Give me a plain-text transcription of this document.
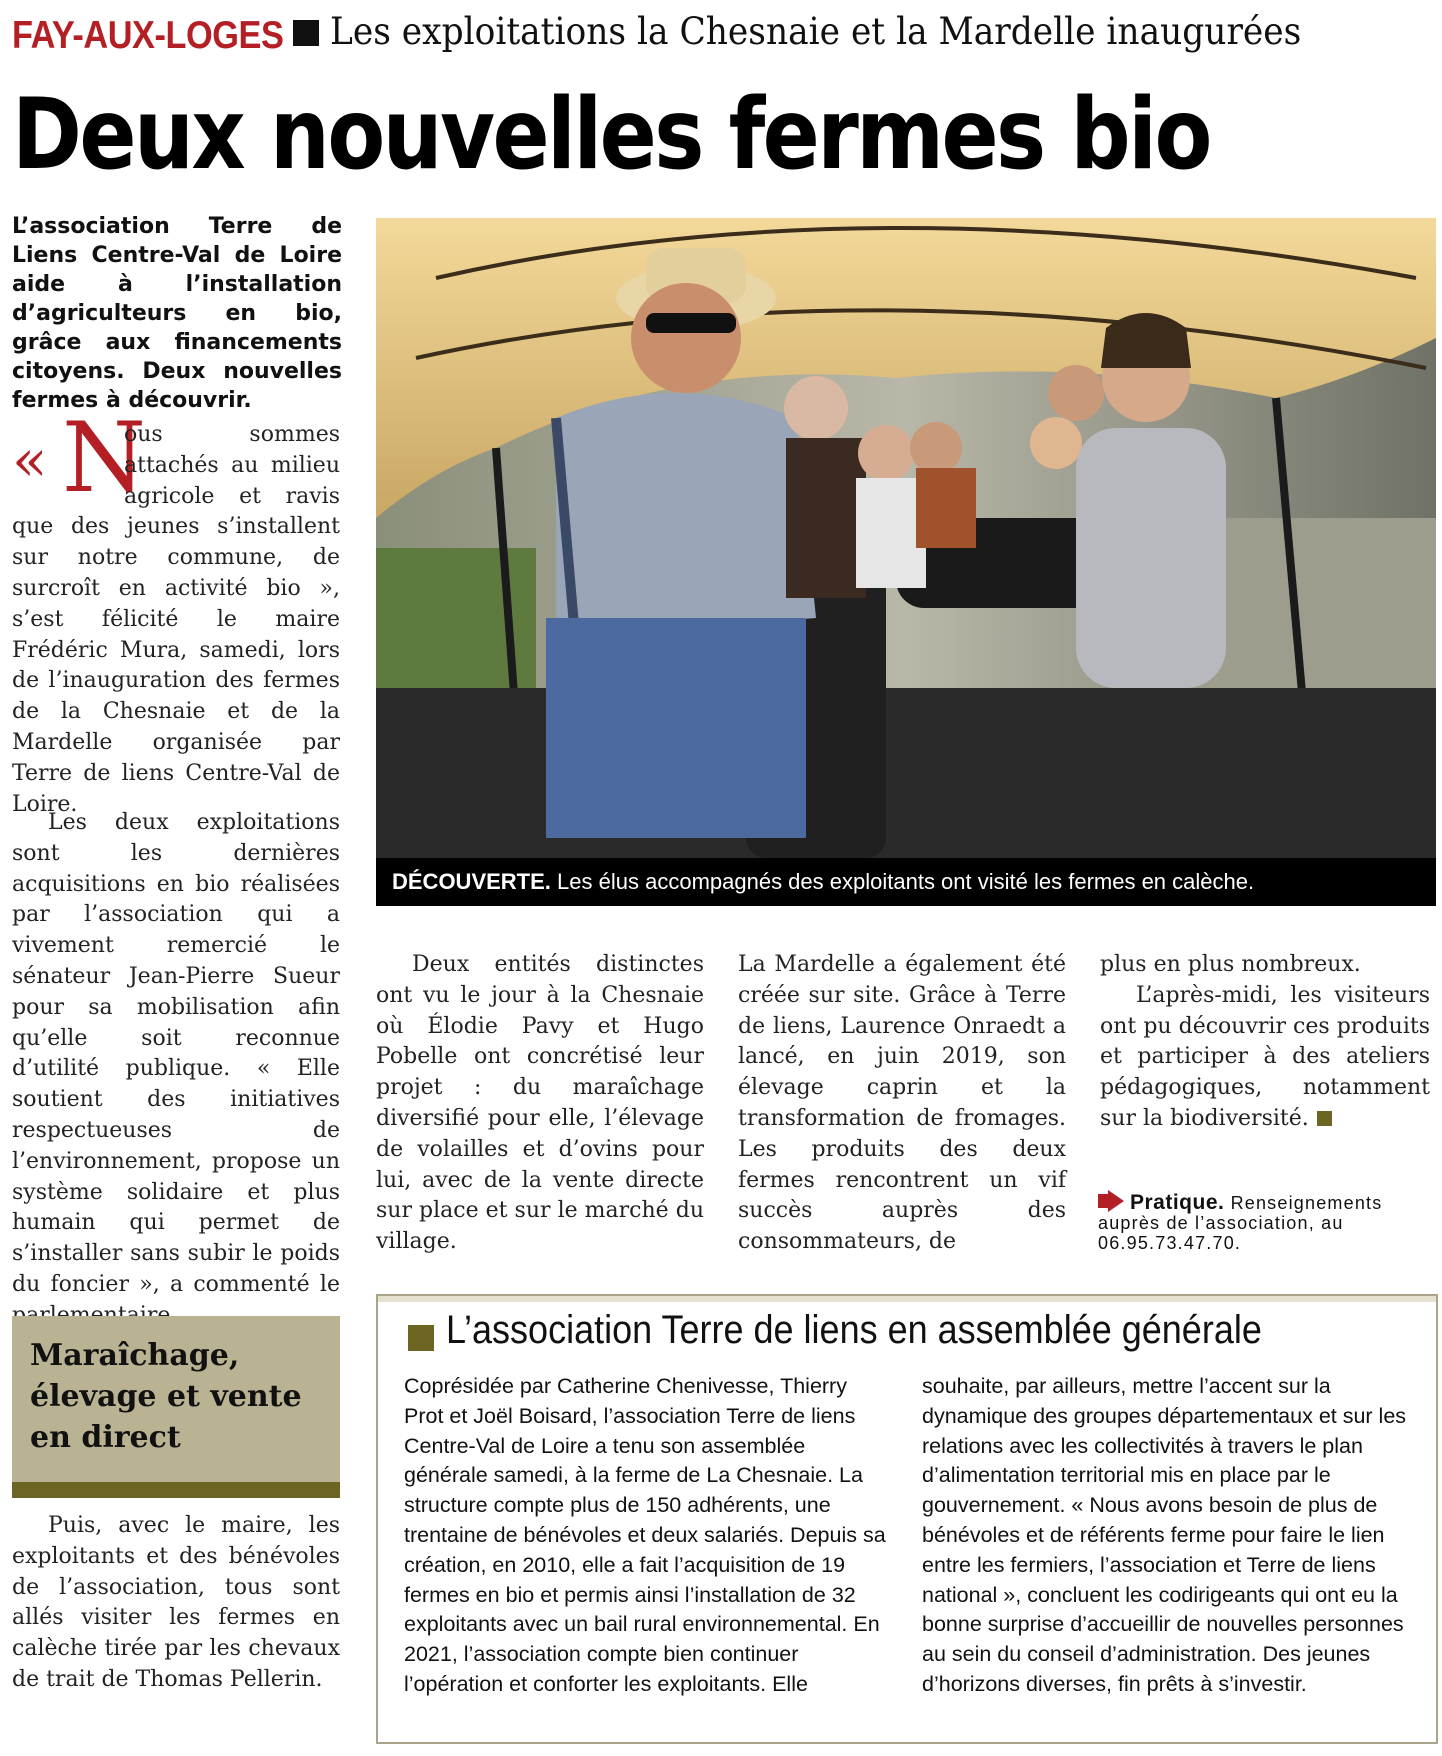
FAY-AUX-LOGES Les exploitations la Chesnaie et la Mardelle inaugurées
Deux nouvelles fermes bio
L’association Terre de Liens Centre-Val de Loire aide à l’installation d’agriculteurs en bio, grâce aux financements citoyens. Deux nouvelles fermes à découvrir.
« N

ous sommes attachés au milieu agricole et ravis que des jeunes s’installent sur notre commune, de surcroît en activité bio », s’est félicité le maire Frédéric Mura, samedi, lors de l’inauguration des fermes de la Chesnaie et de la Mardelle organisée par Terre de liens Centre-Val de Loire.

Les deux exploitations sont les dernières acquisitions en bio réalisées par l’association qui a vivement remercié le sénateur Jean-Pierre Sueur pour sa mobilisation afin qu’elle soit reconnue d’utilité publique. « Elle soutient des initiatives respectueuses de l’environnement, propose un système solidaire et plus humain qui permet de s’installer sans subir le poids du foncier », a commenté le

Puis, avec le maire, les exploitants et des bénévoles de l’association, tous sont allés visiter les fermes en calèche tirée par les chevaux de trait de Thomas Pellerin.

DÉCOUVERTE. Les élus accompagnés des exploitants ont visité les fermes en calèche.

Deux entités distinctes ont vu le jour à la Chesnaie où Élodie Pavy et Hugo Pobelle ont concrétisé leur projet : du maraîchage diversifié pour elle, l’élevage de volailles et d’ovins pour lui, avec de la vente directe sur place et sur le marché du village.

La Mardelle a également été créée sur site. Grâce à Terre de liens, Laurence Onraedt a lancé, en juin 2019, son élevage caprin et la transformation de fromages. Les produits des deux fermes rencontrent un vif succès auprès des consommateurs, de

plus en plus nombreux.

L’après-midi, les visiteurs ont pu découvrir ces produits et participer à des ateliers pédagogiques, notamment sur la biodiversité.

Pratique. Renseignements auprès de l’association, au 06.95.73.47.70.
Maraîchage, élevage et vente en direct
L’association Terre de liens en assemblée générale
Coprésidée par Catherine Chenivesse, Thierry Prot et Joël Boisard, l’association Terre de liens Centre-Val de Loire a tenu son assemblée générale samedi, à la ferme de La Chesnaie. La structure compte plus de 150 adhérents, une trentaine de bénévoles et deux salariés. Depuis sa création, en 2010, elle a fait l’acquisition de 19 fermes en bio et permis ainsi l’installation de 32 exploitants avec un bail rural environnemental. En 2021, l’association compte bien continuer l’opération et conforter les exploitants. Elle
souhaite, par ailleurs, mettre l’accent sur la dynamique des groupes départementaux et sur les relations avec les collectivités à travers le plan d’alimentation territorial mis en place par le gouvernement. « Nous avons besoin de plus de bénévoles et de référents ferme pour faire le lien entre les fermiers, l’association et Terre de liens national », concluent les codirigeants qui ont eu la bonne surprise d’accueillir de nouvelles personnes au sein du conseil d’administration. Des jeunes d’horizons diverses, fin prêts à s’investir.
